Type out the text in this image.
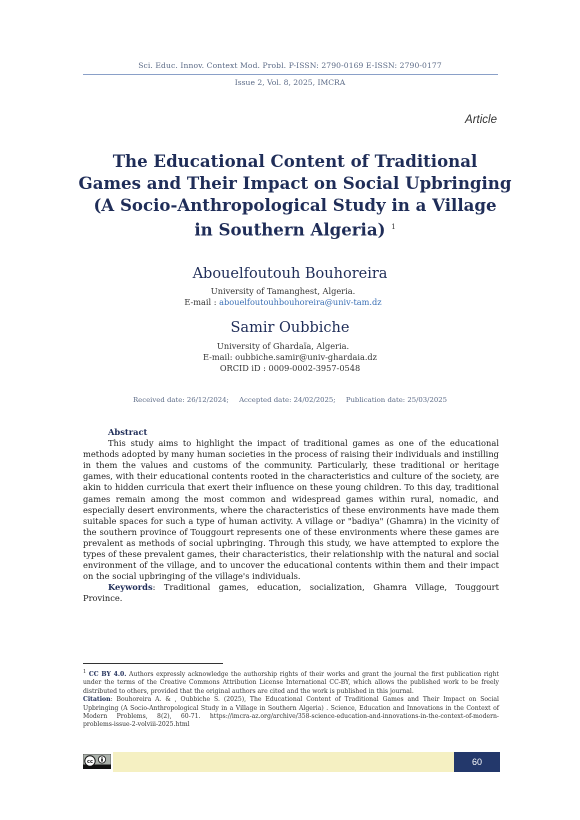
Sci. Educ. Innov. Context Mod. Probl. P-ISSN: 2790-0169 E-ISSN: 2790-0177
Issue 2, Vol. 8, 2025, IMCRA
Article
The Educational Content of Traditional
Games and Their Impact on Social Upbringing
(A Socio-Anthropological Study in a Village
in Southern Algeria) $^1$
Abouelfoutouh Bouhoreira
University of Tamanghest, Algeria.
E-mail : abouelfoutouhbouhoreira@univ-tam.dz
Samir Oubbiche
University of Ghardaïa, Algeria.
E-mail: oubbiche.samir@univ-ghardaia.dz
ORCID iD : 0009-0002-3957-0548
Received date: 26/12/2024; Accepted date: 24/02/2025; Publication date: 25/03/2025
Abstract
This study aims to highlight the impact of traditional games as one of the educational methods adopted by many human societies in the process of raising their individuals and instilling in them the values and customs of the community. Particularly, these traditional or heritage games, with their educational contents rooted in the characteristics and culture of the society, are akin to hidden curricula that exert their influence on these young children. To this day, traditional games remain among the most common and widespread games within rural, nomadic, and especially desert environments, where the characteristics of these environments have made them suitable spaces for such a type of human activity. A village or "badiya" (Ghamra) in the vicinity of the southern province of Touggourt represents one of these environments where these games are prevalent as methods of social upbringing. Through this study, we have attempted to explore the types of these prevalent games, their characteristics, their relationship with the natural and social environment of the village, and to uncover the educational contents within them and their impact on the social upbringing of the village's individuals.
Keywords: Traditional games, education, socialization, Ghamra Village, Touggourt Province.
$^1$ CC BY 4.0. Authors expressly acknowledge the authorship rights of their works and grant the journal the first publication right under the terms of the Creative Commons Attribution License International CC-BY, which allows the published work to be freely distributed to others, provided that the original authors are cited and the work is published in this journal.
Citation: Bouhoreira A. & , Oubbiche S. (2025), The Educational Content of Traditional Games and Their Impact on Social Upbringing (A Socio-Anthropological Study in a Village in Southern Algeria) . Science, Education and Innovations in the Context of Modern Problems, 8(2), 60-71. https://imcra-az.org/archive/358-science-education-and-innovations-in-the-context-of-modern-problems-issue-2-volviii-2025.html
cc	60
